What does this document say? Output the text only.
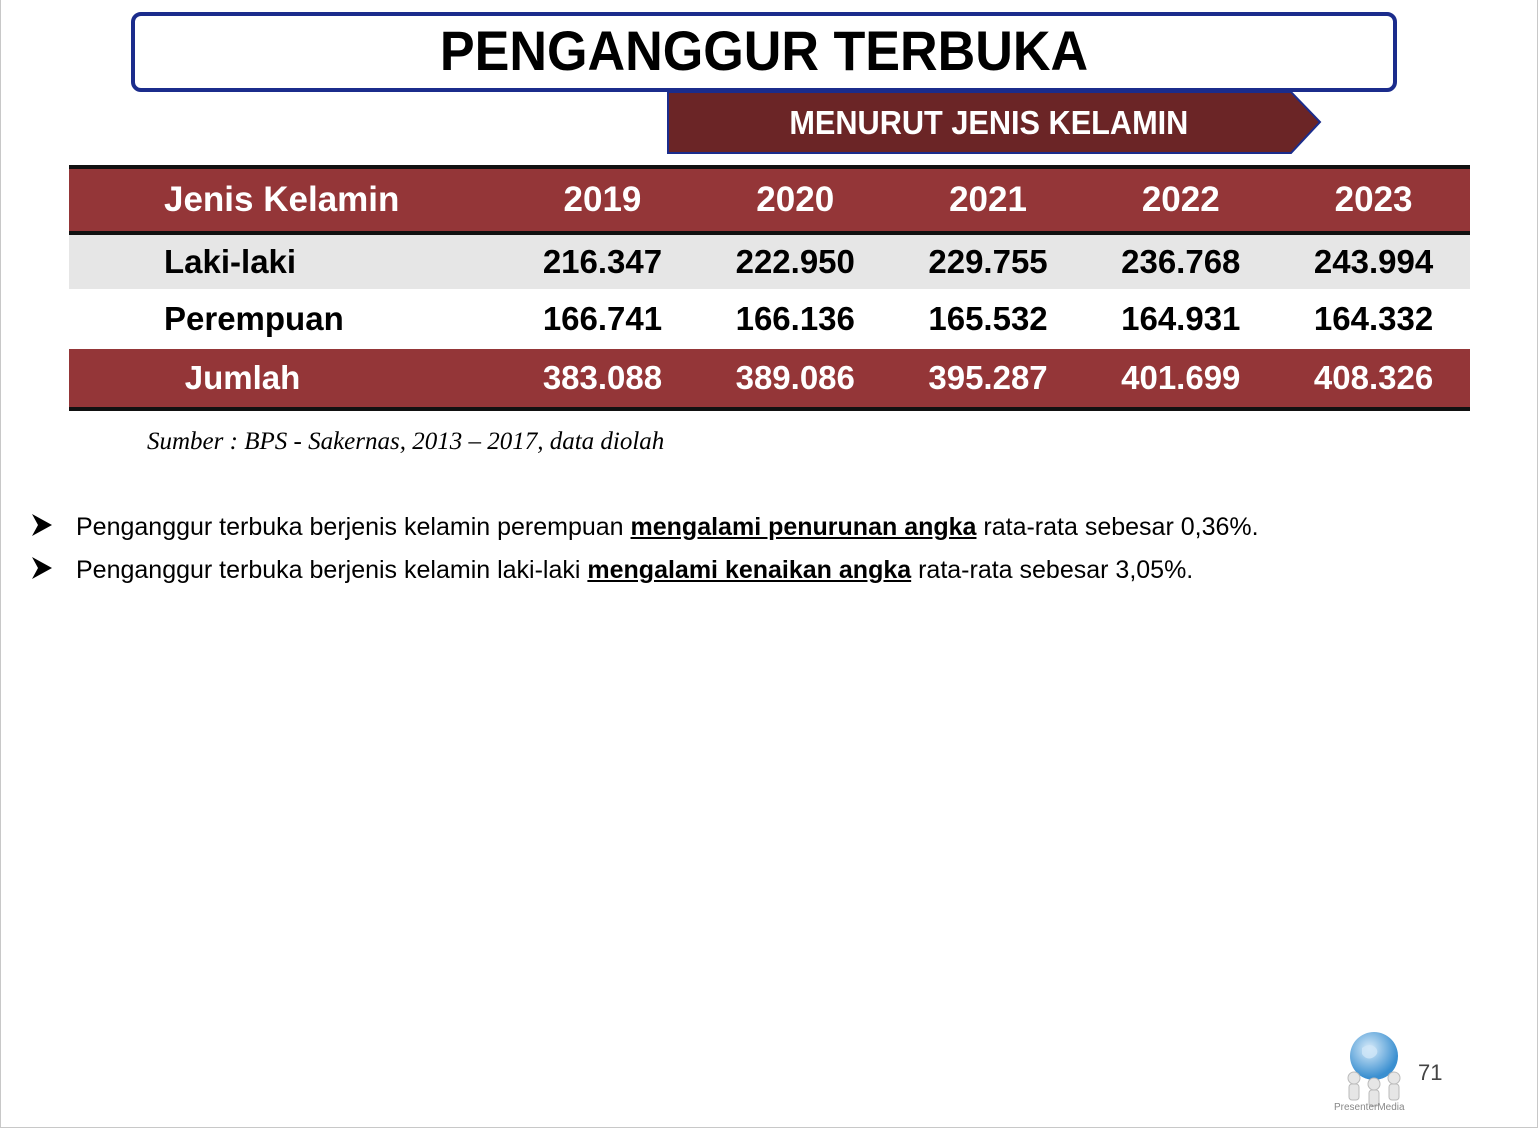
PENGANGGUR TERBUKA
MENURUT JENIS KELAMIN
Jenis Kelamin	2019	2020	2021	2022	2023
Laki-laki	216.347	222.950	229.755	236.768	243.994
Perempuan	166.741	166.136	165.532	164.931	164.332
Jumlah	383.088	389.086	395.287	401.699	408.326
Sumber : BPS - Sakernas, 2013 – 2017, data diolah
Penganggur terbuka berjenis kelamin perempuan mengalami penurunan angka rata-rata sebesar 0,36%.
Penganggur terbuka berjenis kelamin laki-laki mengalami kenaikan angka rata-rata sebesar 3,05%.
PresenterMedia
71
